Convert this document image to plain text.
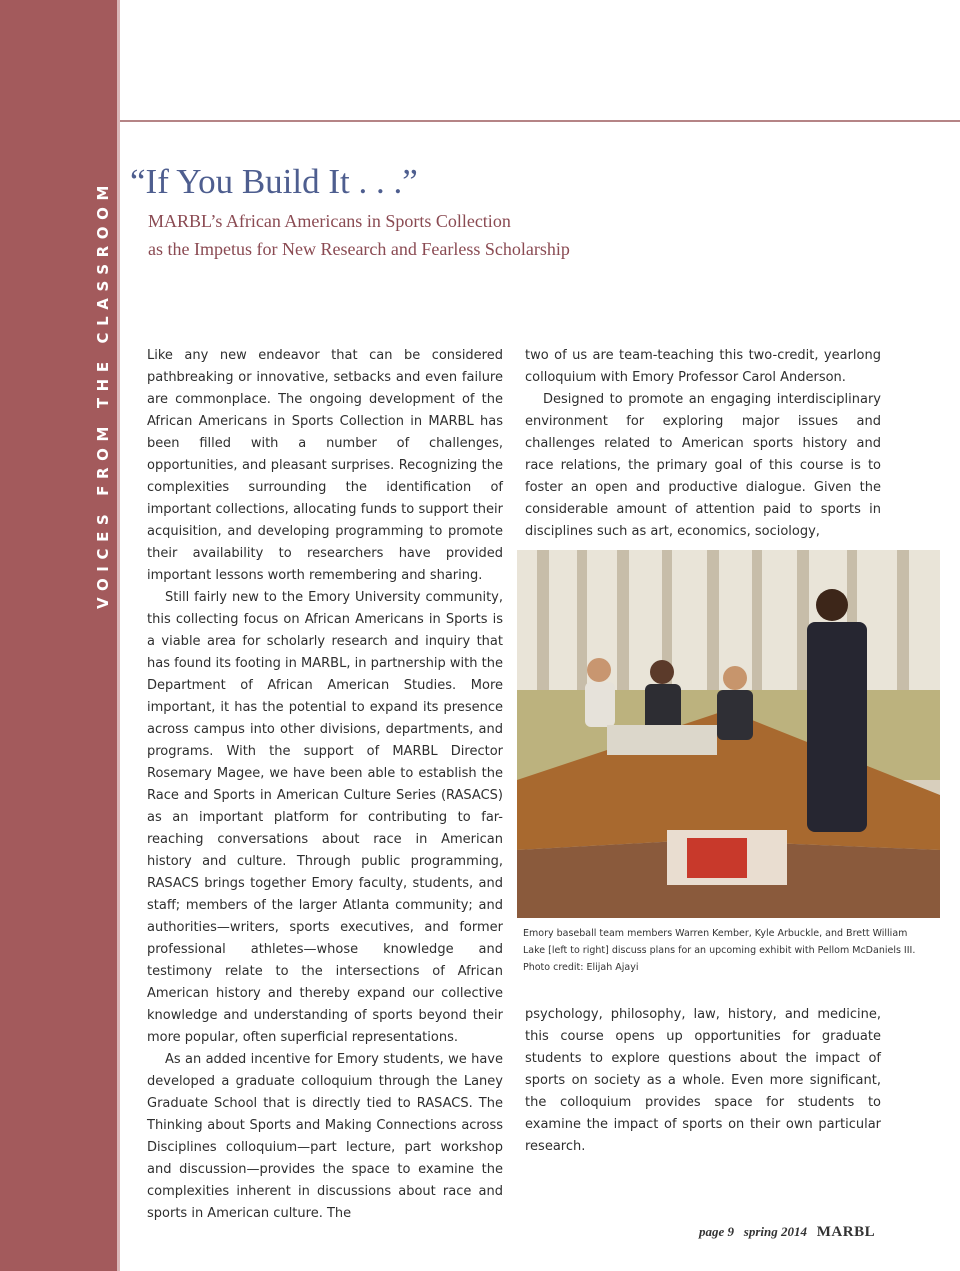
VOICES FROM THE CLASSROOM “If You Build It . . .”
MARBL’s African Americans in Sports Collection
as the Impetus for New Research and Fearless Scholarship

Like any new endeavor that can be considered pathbreaking or innovative, setbacks and even failure are commonplace. The ongoing development of the African Americans in Sports Collection in MARBL has been filled with a number of challenges, opportunities, and pleasant surprises. Recognizing the complexities surrounding the identification of important collections, allocating funds to support their acquisition, and developing programming to promote their availability to researchers have provided important lessons worth remembering and sharing.

Still fairly new to the Emory University community, this collecting focus on African Americans in Sports is a viable area for scholarly research and inquiry that has found its footing in MARBL, in partnership with the Department of African American Studies. More important, it has the potential to expand its presence across campus into other divisions, departments, and programs. With the support of MARBL Director Rosemary Magee, we have been able to establish the Race and Sports in American Culture Series (RASACS) as an important platform for contributing to far-reaching conversations about race in American history and culture. Through public programming, RASACS brings together Emory faculty, students, and staff; members of the larger Atlanta community; and authorities—writers, sports executives, and former professional athletes—whose knowledge and testimony relate to the intersections of African American history and thereby expand our collective knowledge and understanding of sports beyond their more popular, often superficial representations.

As an added incentive for Emory students, we have developed a graduate colloquium through the Laney Graduate School that is directly tied to RASACS. The Thinking about Sports and Making Connections across Disciplines colloquium—part lecture, part workshop and discussion—provides the space to examine the complexities inherent in discussions about race and sports in American culture. The

two of us are team-teaching this two-credit, yearlong colloquium with Emory Professor Carol Anderson.

Designed to promote an engaging interdisciplinary environment for exploring major issues and challenges related to American sports history and race relations, the primary goal of this course is to foster an open and productive dialogue. Given the considerable amount of attention paid to sports in disciplines such as art, economics, sociology,

Emory baseball team members Warren Kember, Kyle Arbuckle, and Brett William
Lake [left to right] discuss plans for an upcoming exhibit with Pellom McDaniels III.
Photo credit: Elijah Ajayi

psychology, philosophy, law, history, and medicine, this course opens up opportunities for graduate students to explore questions about the impact of sports on society as a whole. Even more significant, the colloquium provides space for students to examine the impact of sports on their own particular research.

page 9 spring 2014 MARBL
